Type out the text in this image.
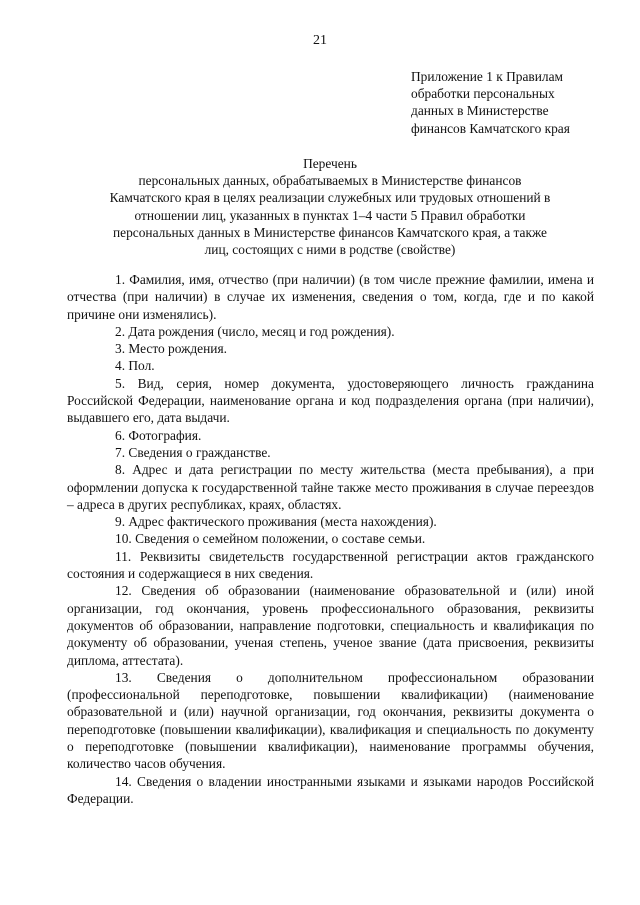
21
Приложение 1 к Правилам
обработки персональных
данных в Министерстве
финансов Камчатского края
Перечень
персональных данных, обрабатываемых в Министерстве финансов
Камчатского края в целях реализации служебных или трудовых отношений в
отношении лиц, указанных в пунктах 1–4 части 5 Правил обработки
персональных данных в Министерстве финансов Камчатского края, а также
лиц, состоящих с ними в родстве (свойстве)

1. Фамилия, имя, отчество (при наличии) (в том числе прежние фамилии, имена и отчества (при наличии) в случае их изменения, сведения о том, когда, где и по какой причине они изменялись).

2. Дата рождения (число, месяц и год рождения).

3. Место рождения.

4. Пол.

5. Вид, серия, номер документа, удостоверяющего личность гражданина Российской Федерации, наименование органа и код подразделения органа (при наличии), выдавшего его, дата выдачи.

6. Фотография.

7. Сведения о гражданстве.

8. Адрес и дата регистрации по месту жительства (места пребывания), а при оформлении допуска к государственной тайне также место проживания в случае переездов – адреса в других республиках, краях, областях.

9. Адрес фактического проживания (места нахождения).

10. Сведения о семейном положении, о составе семьи.

11. Реквизиты свидетельств государственной регистрации актов гражданского состояния и содержащиеся в них сведения.

12. Сведения об образовании (наименование образовательной и (или) иной организации, год окончания, уровень профессионального образования, реквизиты документов об образовании, направление подготовки, специальность и квалификация по документу об образовании, ученая степень, ученое звание (дата присвоения, реквизиты диплома, аттестата).

13. Сведения о дополнительном профессиональном образовании (профессиональной переподготовке, повышении квалификации) (наименование образовательной и (или) научной организации, год окончания, реквизиты документа о переподготовке (повышении квалификации), квалификация и специальность по документу о переподготовке (повышении квалификации), наименование программы обучения, количество часов обучения.

14. Сведения о владении иностранными языками и языками народов Российской Федерации.
